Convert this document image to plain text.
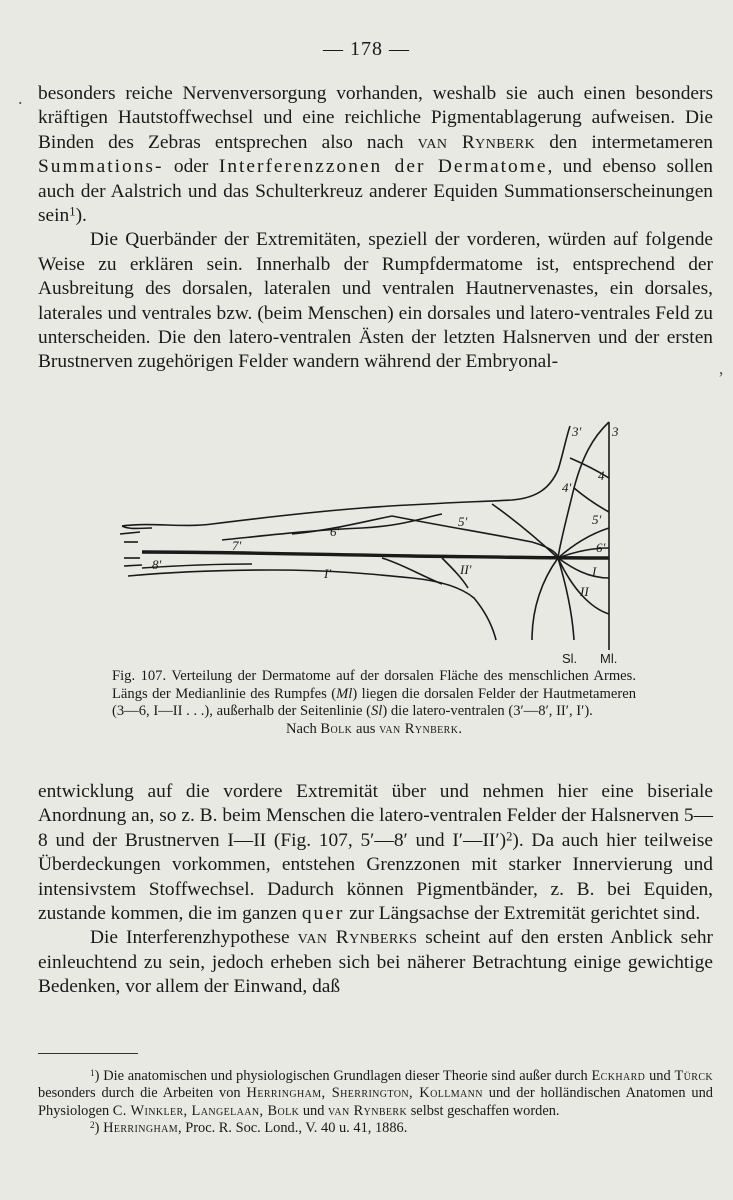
— 178 —
.
‚

besonders reiche Nervenversorgung vorhanden, weshalb sie auch einen besonders kräftigen Hautstoffwechsel und eine reichliche Pigmentablagerung aufweisen. Die Binden des Zebras entsprechen also nach van Rynberk den intermetameren Summations- oder Interferenzzonen der Dermatome, und ebenso sollen auch der Aalstrich und das Schulterkreuz anderer Equiden Summationserscheinungen sein$^1$).

Die Querbänder der Extremitäten, speziell der vorderen, würden auf folgende Weise zu erklären sein. Innerhalb der Rumpfdermatome ist, entsprechend der Ausbreitung des dorsalen, lateralen und ventralen Hautnervenastes, ein dorsales, laterales und ventrales bzw. (beim Menschen) ein dorsales und latero-ventrales Feld zu unterscheiden. Die den latero-ventralen Ästen der letzten Halsnerven und der ersten Brustnerven zugehörigen Felder wandern während der Embryonal-

3′ 3
4′
4
5′
6′
I
II
6′
5′
7′
8′
I′	II′
Sl. Ml.
Fig. 107. Verteilung der Dermatome auf der dorsalen Fläche des menschlichen Armes. Längs der Medianlinie des Rumpfes (Ml) liegen die dorsalen Felder der Hautmetameren (3—6, I—II . . .), außerhalb der Seitenlinie (Sl) die latero-ventralen (3′—8′, II′, I′).
Nach Bolk aus van Rynberk.

entwicklung auf die vordere Extremität über und nehmen hier eine biseriale Anordnung an, so z. B. beim Menschen die latero-ventralen Felder der Halsnerven 5—8 und der Brustnerven I—II (Fig. 107, 5′—8′ und I′—II′)$^2$). Da auch hier teilweise Überdeckungen vorkommen, entstehen Grenzzonen mit starker Innervierung und intensivstem Stoffwechsel. Dadurch können Pigmentbänder, z. B. bei Equiden, zustande kommen, die im ganzen quer zur Längsachse der Extremität gerichtet sind.

Die Interferenzhypothese van Rynberks scheint auf den ersten Anblick sehr einleuchtend zu sein, jedoch erheben sich bei näherer Betrachtung einige gewichtige Bedenken, vor allem der Einwand, daß

$^1$) Die anatomischen und physiologischen Grundlagen dieser Theorie sind außer durch Eckhard und Türck besonders durch die Arbeiten von Herringham, Sherrington, Kollmann und der holländischen Anatomen und Physiologen C. Winkler, Langelaan, Bolk und van Rynberk selbst geschaffen worden.

$^2$) Herringham, Proc. R. Soc. Lond., V. 40 u. 41, 1886.
